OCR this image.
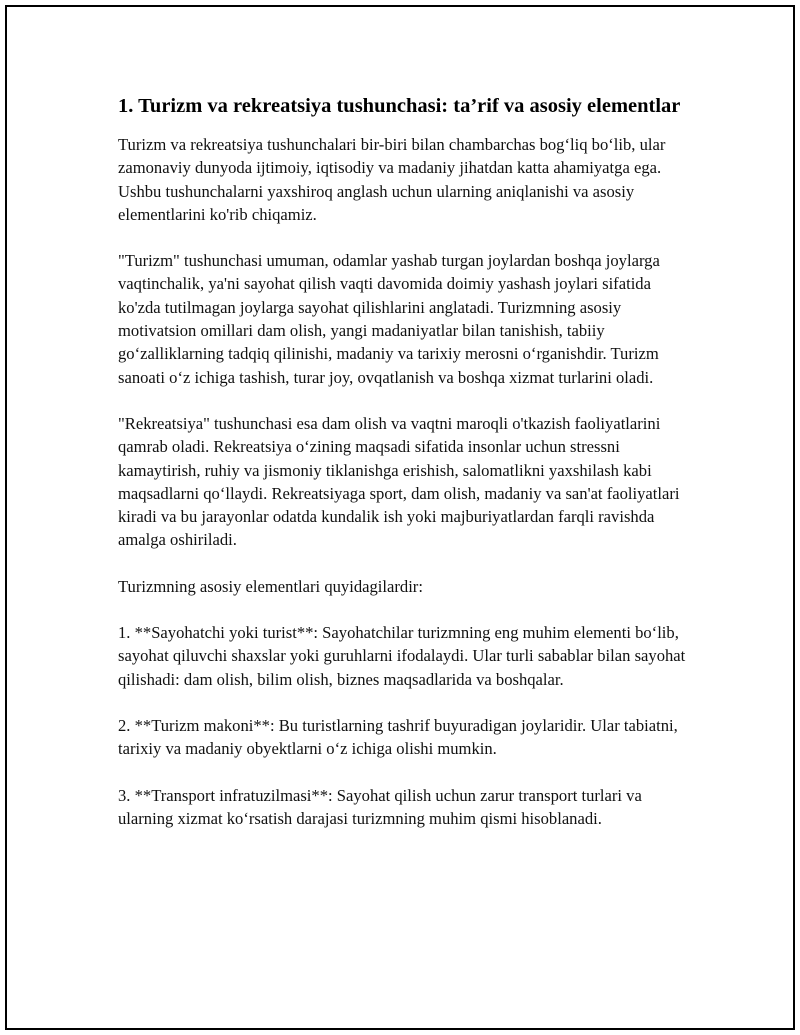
1. Turizm va rekreatsiya tushunchasi: ta’rif va asosiy elementlar

Turizm va rekreatsiya tushunchalari bir-biri bilan chambarchas bog‘liq bo‘lib, ular zamonaviy dunyoda ijtimoiy, iqtisodiy va madaniy jihatdan katta ahamiyatga ega. Ushbu tushunchalarni yaxshiroq anglash uchun ularning aniqlanishi va asosiy elementlarini ko'rib chiqamiz.

"Turizm" tushunchasi umuman, odamlar yashab turgan joylardan boshqa joylarga vaqtinchalik, ya'ni sayohat qilish vaqti davomida doimiy yashash joylari sifatida ko'zda tutilmagan joylarga sayohat qilishlarini anglatadi. Turizmning asosiy motivatsion omillari dam olish, yangi madaniyatlar bilan tanishish, tabiiy go‘zalliklarning tadqiq qilinishi, madaniy va tarixiy merosni o‘rganishdir. Turizm sanoati o‘z ichiga tashish, turar joy, ovqatlanish va boshqa xizmat turlarini oladi.

"Rekreatsiya" tushunchasi esa dam olish va vaqtni maroqli o'tkazish faoliyatlarini qamrab oladi. Rekreatsiya o‘zining maqsadi sifatida insonlar uchun stressni kamaytirish, ruhiy va jismoniy tiklanishga erishish, salomatlikni yaxshilash kabi maqsadlarni qo‘llaydi. Rekreatsiyaga sport, dam olish, madaniy va san'at faoliyatlari kiradi va bu jarayonlar odatda kundalik ish yoki majburiyatlardan farqli ravishda amalga oshiriladi.

Turizmning asosiy elementlari quyidagilardir:

1. **Sayohatchi yoki turist**: Sayohatchilar turizmning eng muhim elementi bo‘lib, sayohat qiluvchi shaxslar yoki guruhlarni ifodalaydi. Ular turli sabablar bilan sayohat qilishadi: dam olish, bilim olish, biznes maqsadlarida va boshqalar.

2. **Turizm makoni**: Bu turistlarning tashrif buyuradigan joylaridir. Ular tabiatni, tarixiy va madaniy obyektlarni o‘z ichiga olishi mumkin.

3. **Transport infratuzilmasi**: Sayohat qilish uchun zarur transport turlari va ularning xizmat ko‘rsatish darajasi turizmning muhim qismi hisoblanadi.
